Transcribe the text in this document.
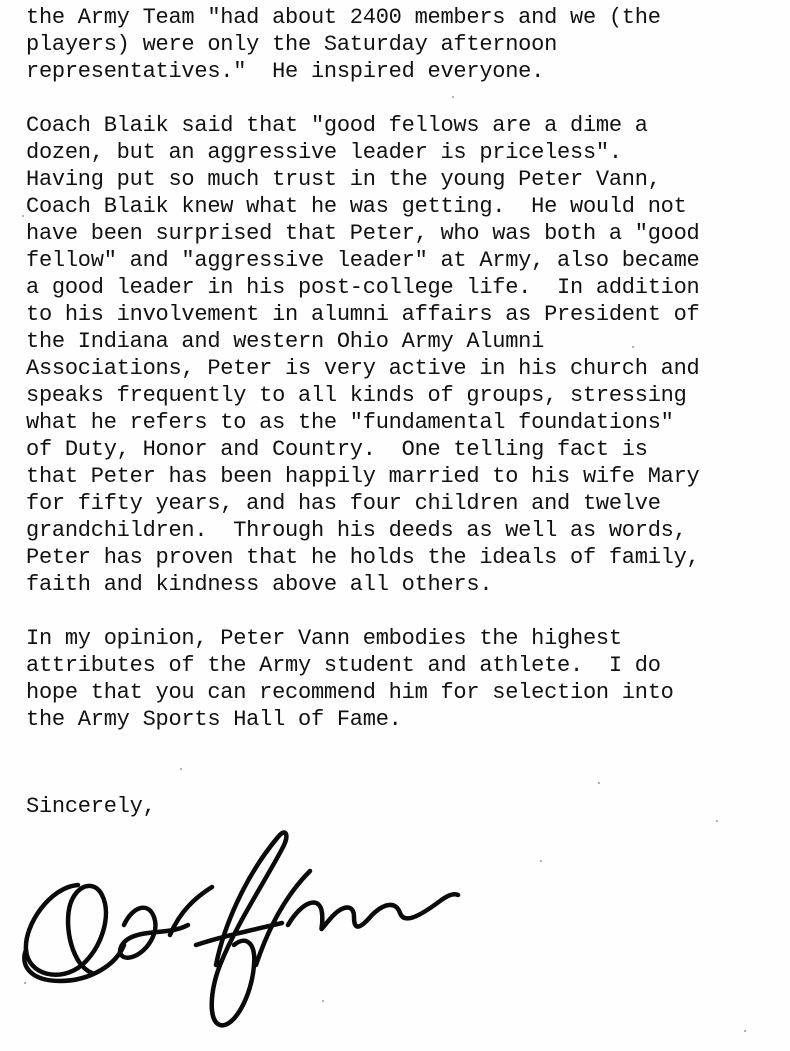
the Army Team "had about 2400 members and we (the

players) were only the Saturday afternoon

representatives."  He inspired everyone.

Coach Blaik said that "good fellows are a dime a

dozen, but an aggressive leader is priceless".

Having put so much trust in the young Peter Vann,

Coach Blaik knew what he was getting.  He would not

have been surprised that Peter, who was both a "good

fellow" and "aggressive leader" at Army, also became

a good leader in his post-college life.  In addition

to his involvement in alumni affairs as President of

the Indiana and western Ohio Army Alumni

Associations, Peter is very active in his church and

speaks frequently to all kinds of groups, stressing

what he refers to as the "fundamental foundations"

of Duty, Honor and Country.  One telling fact is

that Peter has been happily married to his wife Mary

for fifty years, and has four children and twelve

grandchildren.  Through his deeds as well as words,

Peter has proven that he holds the ideals of family,

faith and kindness above all others.

In my opinion, Peter Vann embodies the highest

attributes of the Army student and athlete.  I do

hope that you can recommend him for selection into

the Army Sports Hall of Fame.

Sincerely,
